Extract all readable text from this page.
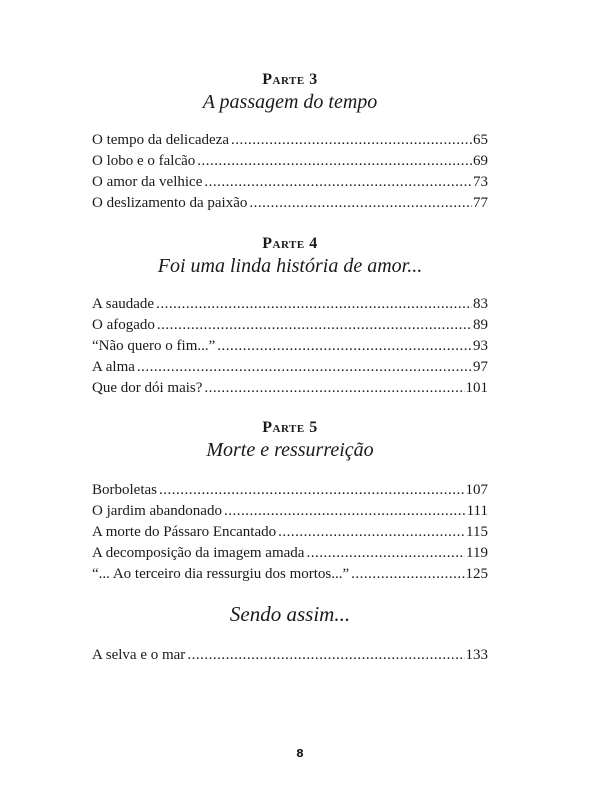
Parte 3
A passagem do tempo
O tempo da delicadeza .....	65
O lobo e o falcão .....	69
O amor da velhice .....	73
O deslizamento da paixão .....	77
Parte 4
Foi uma linda história de amor...
A saudade .....	83
O afogado .....	89
“Não quero o fim...” .....	93
A alma .....	97
Que dor dói mais? .....	101
Parte 5
Morte e ressurreição
Borboletas .....	107
O jardim abandonado .....	111
A morte do Pássaro Encantado .....	115
A decomposição da imagem amada .....	119
“... Ao terceiro dia ressurgiu dos mortos...” .....	125
Sendo assim...
A selva e o mar .....	133
8
